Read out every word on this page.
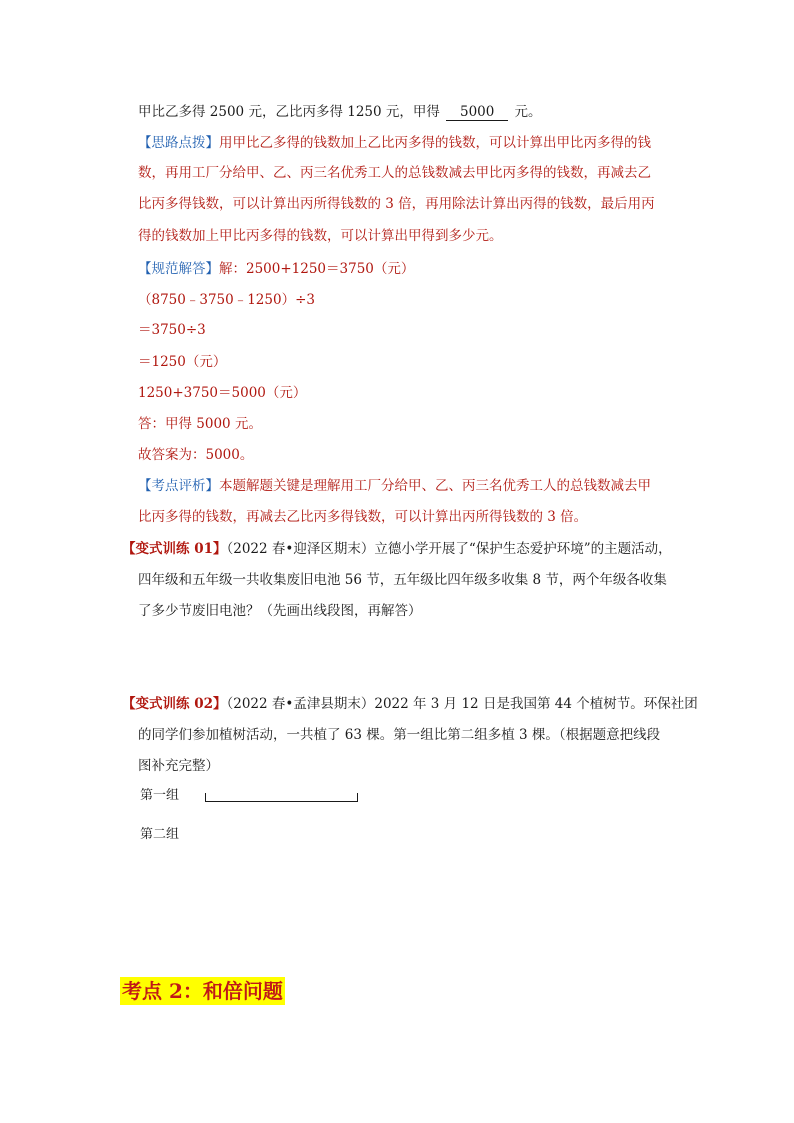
甲比乙多得 2500 元，乙比丙多得 1250 元，甲得 5000 元。
【思路点拨】用甲比乙多得的钱数加上乙比丙多得的钱数，可以计算出甲比丙多得的钱
数，再用工厂分给甲、乙、丙三名优秀工人的总钱数减去甲比丙多得的钱数，再减去乙
比丙多得钱数，可以计算出丙所得钱数的 3 倍，再用除法计算出丙得的钱数，最后用丙
得的钱数加上甲比丙多得的钱数，可以计算出甲得到多少元。
【规范解答】解：2500+1250＝3750（元）
（8750﹣3750﹣1250）÷3
＝3750÷3
＝1250（元）
1250+3750＝5000（元）
答：甲得 5000 元。
故答案为：5000。
【考点评析】本题解题关键是理解用工厂分给甲、乙、丙三名优秀工人的总钱数减去甲
比丙多得的钱数，再减去乙比丙多得钱数，可以计算出丙所得钱数的 3 倍。
【变式训练 01】（2022 春•迎泽区期末）立德小学开展了“保护生态爱护环境”的主题活动，
四年级和五年级一共收集废旧电池 56 节，五年级比四年级多收集 8 节，两个年级各收集
了多少节废旧电池？（先画出线段图，再解答）
【变式训练 02】（2022 春•孟津县期末）2022 年 3 月 12 日是我国第 44 个植树节。环保社团
的同学们参加植树活动，一共植了 63 棵。第一组比第二组多植 3 棵。（根据题意把线段
图补充完整）
第一组
第二组
考点 2：和倍问题
